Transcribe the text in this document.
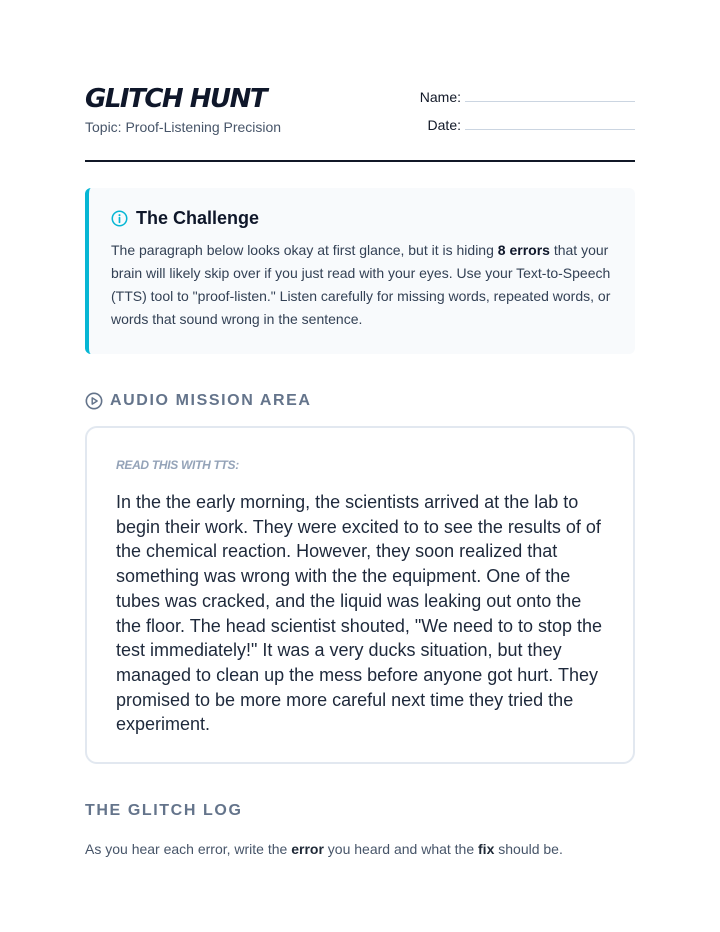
GLITCH HUNT
Topic: Proof-Listening Precision
Name:
Date:
The Challenge

The paragraph below looks okay at first glance, but it is hiding 8 errors that your brain will likely skip over if you just read with your eyes. Use your Text-to-Speech (TTS) tool to "proof-listen." Listen carefully for missing words, repeated words, or words that sound wrong in the sentence.

AUDIO MISSION AREA
READ THIS WITH TTS:
In the the early morning, the scientists arrived at the lab to begin their work. They were excited to to see the results of of the chemical reaction. However, they soon realized that something was wrong with the the equipment. One of the tubes was cracked, and the liquid was leaking out onto the the floor. The head scientist shouted, "We need to to stop the test immediately!" It was a very ducks situation, but they managed to clean up the mess before anyone got hurt. They promised to be more more careful next time they tried the experiment.
THE GLITCH LOG
As you hear each error, write the error you heard and what the fix should be.
